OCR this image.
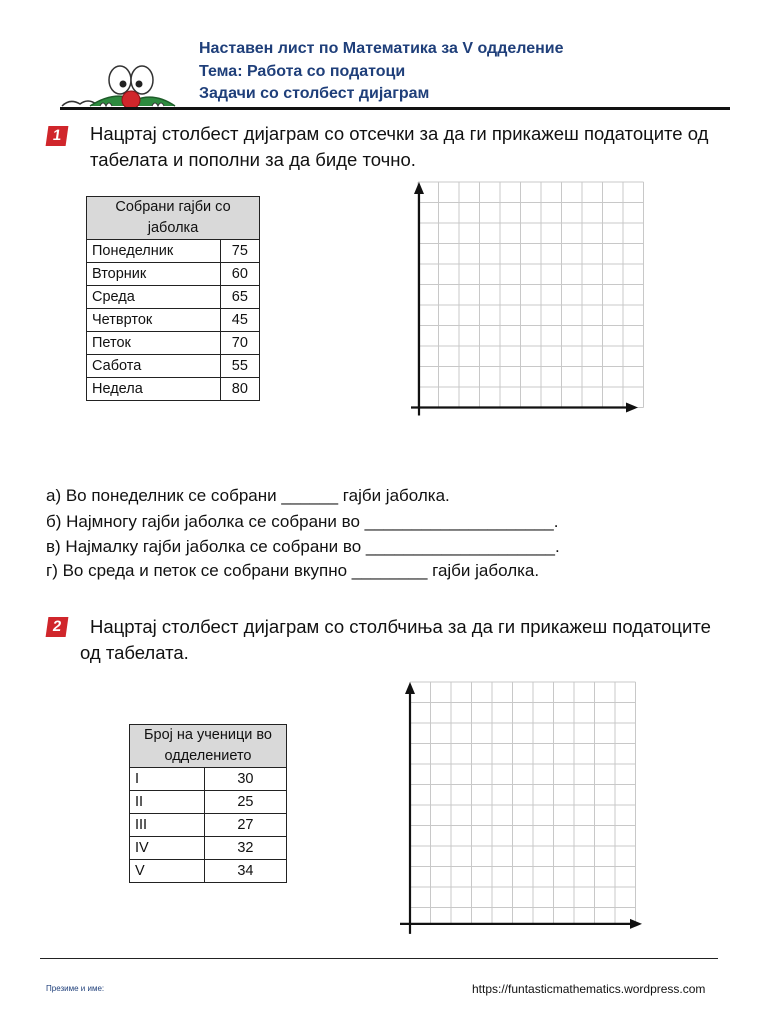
Наставен лист по Математика за V одделение
Тема: Работа со податоци
Задачи со столбест дијаграм
1	Нацртај столбест дијаграм со отсечки за да ги прикажеш податоците од
табелата и пополни за да биде точно.
Собрани гајби со
јаболка	
Понеделник	75
Вторник	60
Среда	65
Четврток	45
Петок	70
Сабота	55
Недела	80
а) Во понеделник се собрани ______ гајби јаболка.
б) Најмногу гајби јаболка се собрани во ____________________.
в) Најмалку гајби јаболка се собрани во ____________________.
г) Во среда и петок се собрани вкупно ________ гајби јаболка.
2	Нацртај столбест дијаграм со столбчиња за да ги прикажеш податоците
од табелата.
Број на ученици во
одделението	
I	30
II	25
III	27
IV	32
V	34
Презиме и име:	https://funtasticmathematics.wordpress.com
